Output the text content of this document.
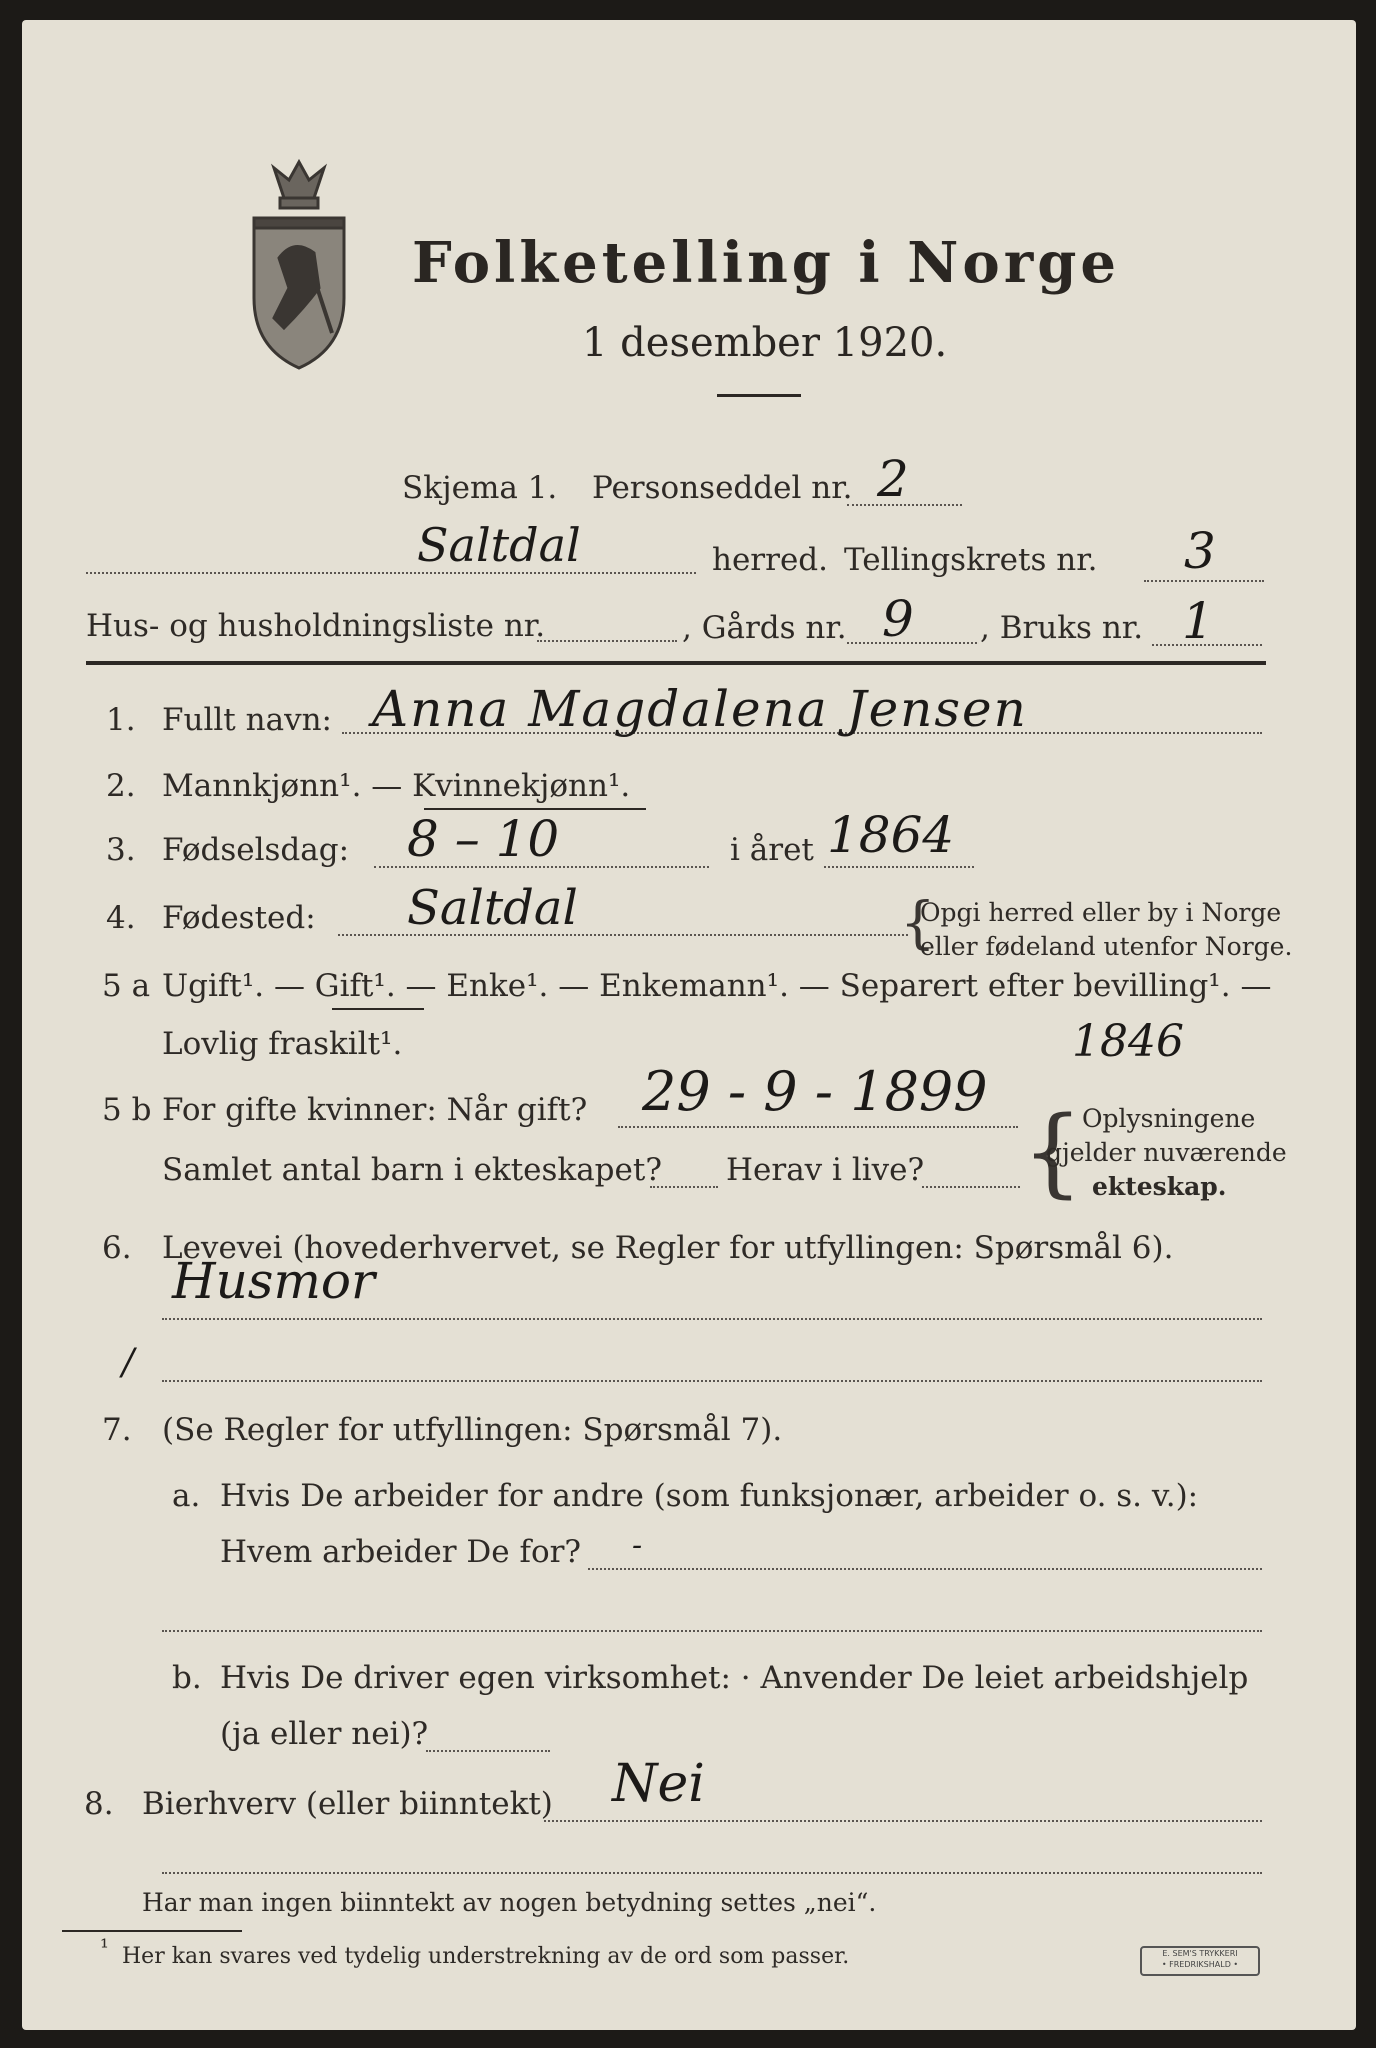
Folketelling i Norge
1 desember 1920.
Skjema 1. Personseddel nr. 2
Saltdal	herred. Tellingskrets nr. 3
Hus- og husholdningsliste nr.	, Gårds nr. 9 , Bruks nr. 1
1. Fullt navn: Anna Magdalena Jensen
2. Mannkjønn¹. — Kvinnekjønn¹.
3. Fødselsdag: 8 – 10	i året 1864
4. Fødested: Saltdal	{
Opgi herred eller by i Norge
eller fødeland utenfor Norge.
5 a Ugift¹. — Gift¹. — Enke¹. — Enkemann¹. — Separert efter bevilling¹. —
Lovlig fraskilt¹.	1846
5 b For gifte kvinner: Når gift? 29 - 9 - 1899
Samlet antal barn i ekteskapet? Herav i live? {
Oplysningene
gjelder nuværende
ekteskap.
6. Levevei (hovederhvervet, se Regler for utfyllingen: Spørsmål 6).
Husmor
/
7. (Se Regler for utfyllingen: Spørsmål 7).
a. Hvis De arbeider for andre (som funksjonær, arbeider o. s. v.):
Hvem arbeider De for? -
b. Hvis De driver egen virksomhet: · Anvender De leiet arbeidshjelp
(ja eller nei)?
8. Bierhverv (eller biinntekt) Nei
Har man ingen biinntekt av nogen betydning settes „nei“.
¹ Her kan svares ved tydelig understrekning av de ord som passer.	E. SEM'S TRYKKERI
• FREDRIKSHALD •
